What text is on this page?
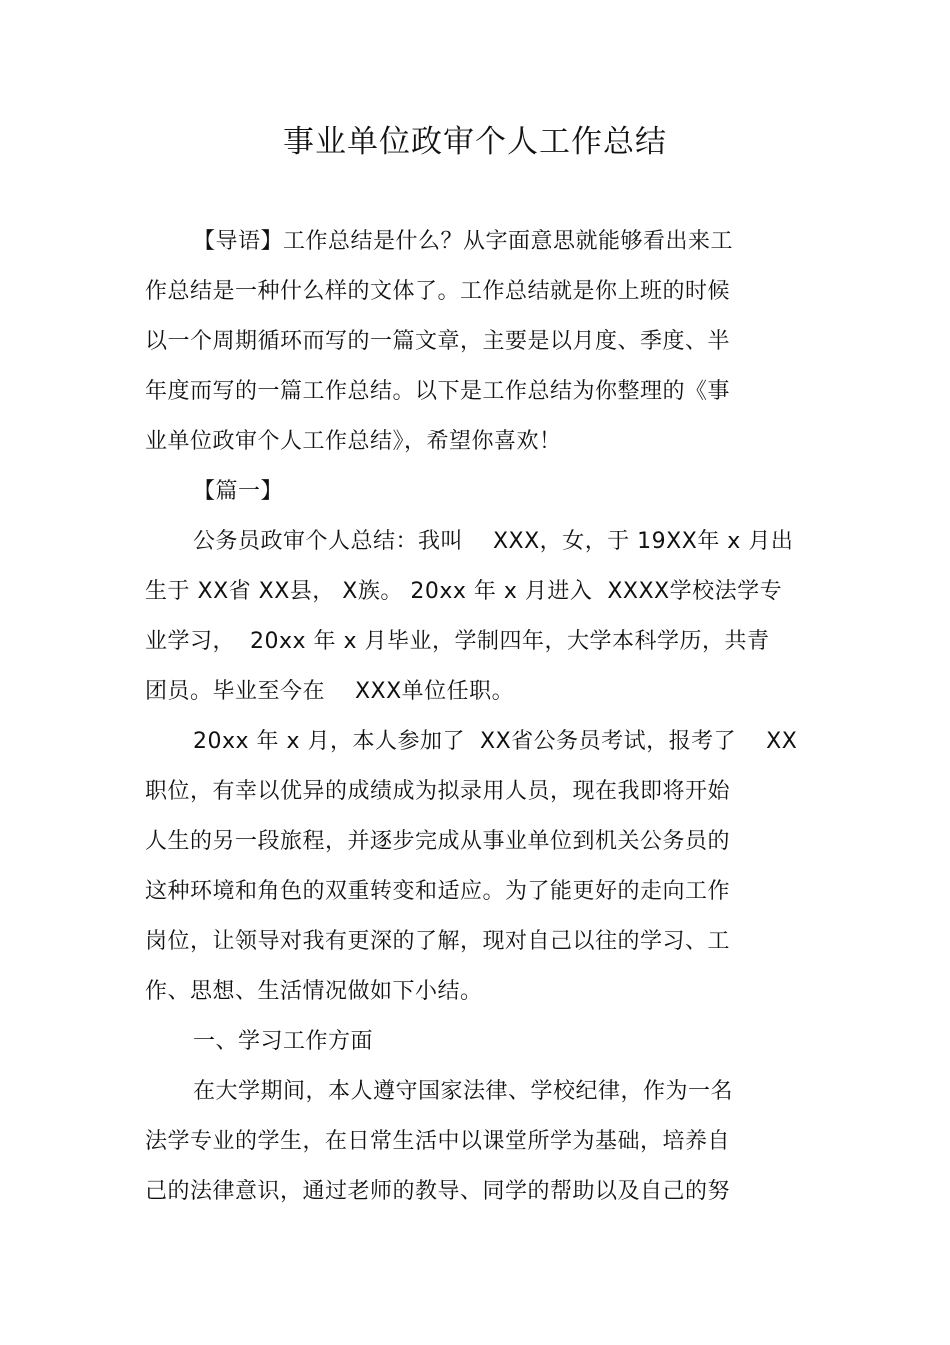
事业单位政审个人工作总结
【导语】工作总结是什么？从字面意思就能够看出来工
作总结是一种什么样的文体了。工作总结就是你上班的时候
以一个周期循环而写的一篇文章，主要是以月度、季度、半
年度而写的一篇工作总结。以下是工作总结为你整理的《事
业单位政审个人工作总结》，希望你喜欢！
【篇一】
公务员政审个人总结：我叫    XXX，女，于 19XX年 x 月出
生于 XX省 XX县， X族。 20xx 年 x 月进入  XXXX学校法学专
业学习，  20xx 年 x 月毕业，学制四年，大学本科学历，共青
团员。毕业至今在    XXX单位任职。
20xx 年 x 月，本人参加了  XX省公务员考试，报考了    XX
职位，有幸以优异的成绩成为拟录用人员，现在我即将开始
人生的另一段旅程，并逐步完成从事业单位到机关公务员的
这种环境和角色的双重转变和适应。为了能更好的走向工作
岗位，让领导对我有更深的了解，现对自己以往的学习、工
作、思想、生活情况做如下小结。
一、学习工作方面
在大学期间，本人遵守国家法律、学校纪律，作为一名
法学专业的学生，在日常生活中以课堂所学为基础，培养自
己的法律意识，通过老师的教导、同学的帮助以及自己的努
